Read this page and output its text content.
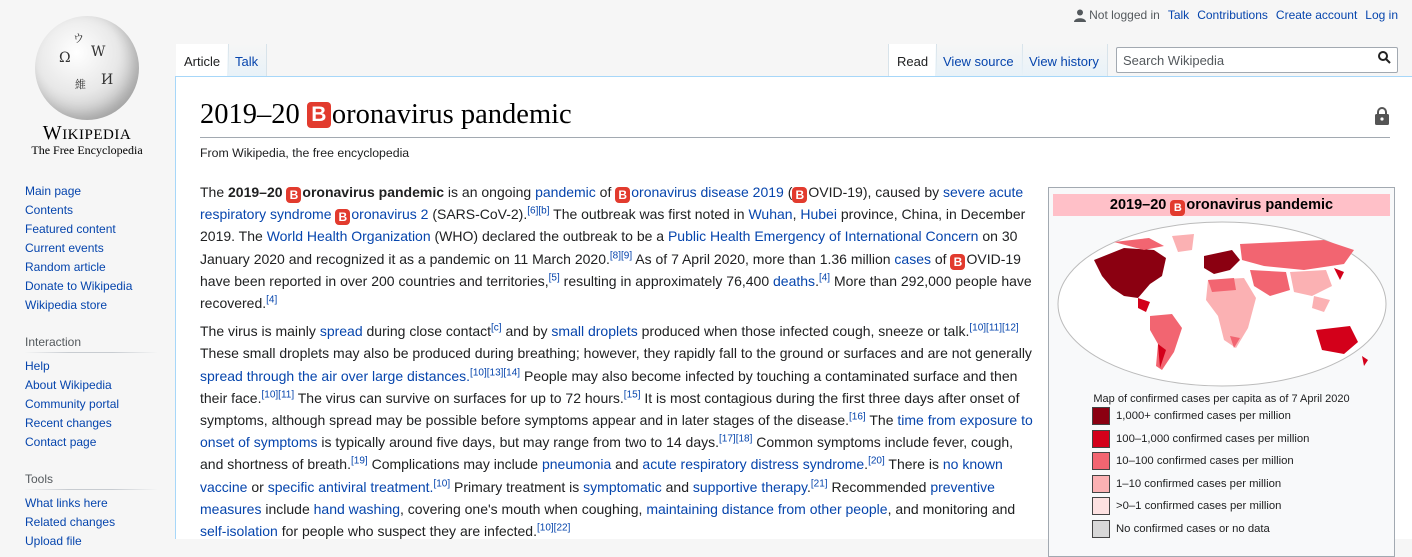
Ω W
維 И
ウ
WIKIPEDIA
The Free Encyclopedia
Not logged in Talk Contributions Create account Log in
Article Talk	Read View source View history	Search Wikipedia
Main page
Contents
Featured content
Current events
Random article
Donate to Wikipedia
Wikipedia store
Interaction
Help
About Wikipedia
Community portal
Recent changes
Contact page
Tools
What links here
Related changes
Upload file
2019–20 B oronavirus pandemic
From Wikipedia, the free encyclopedia

The 2019–20 B oronavirus pandemic is an ongoing pandemic of B oronavirus disease 2019 ( B OVID-19), caused by severe acute respiratory syndrome B oronavirus 2 (SARS-CoV-2).[6][b] The outbreak was first noted in Wuhan, Hubei province, China, in December 2019. The World Health Organization (WHO) declared the outbreak to be a Public Health Emergency of International Concern on 30 January 2020 and recognized it as a pandemic on 11 March 2020.[8][9] As of 7 April 2020, more than 1.36 million cases of B OVID-19 have been reported in over 200 countries and territories,[5] resulting in approximately 76,400 deaths.[4] More than 292,000 people have recovered.[4]

The virus is mainly spread during close contact[c] and by small droplets produced when those infected cough, sneeze or talk.[10][11][12] These small droplets may also be produced during breathing; however, they rapidly fall to the ground or surfaces and are not generally spread through the air over large distances.[10][13][14] People may also become infected by touching a contaminated surface and then their face.[10][11] The virus can survive on surfaces for up to 72 hours.[15] It is most contagious during the first three days after onset of symptoms, although spread may be possible before symptoms appear and in later stages of the disease.[16] The time from exposure to onset of symptoms is typically around five days, but may range from two to 14 days.[17][18] Common symptoms include fever, cough, and shortness of breath.[19] Complications may include pneumonia and acute respiratory distress syndrome.[20] There is no known vaccine or specific antiviral treatment.[10] Primary treatment is symptomatic and supportive therapy.[21] Recommended preventive measures include hand washing, covering one's mouth when coughing, maintaining distance from other people, and monitoring and self-isolation for people who suspect they are infected.[10][22]

2019–20 B oronavirus pandemic
Map of confirmed cases per capita as of 7 April 2020
1,000+ confirmed cases per million
100–1,000 confirmed cases per million
10–100 confirmed cases per million
1–10 confirmed cases per million
>0–1 confirmed cases per million
No confirmed cases or no data
